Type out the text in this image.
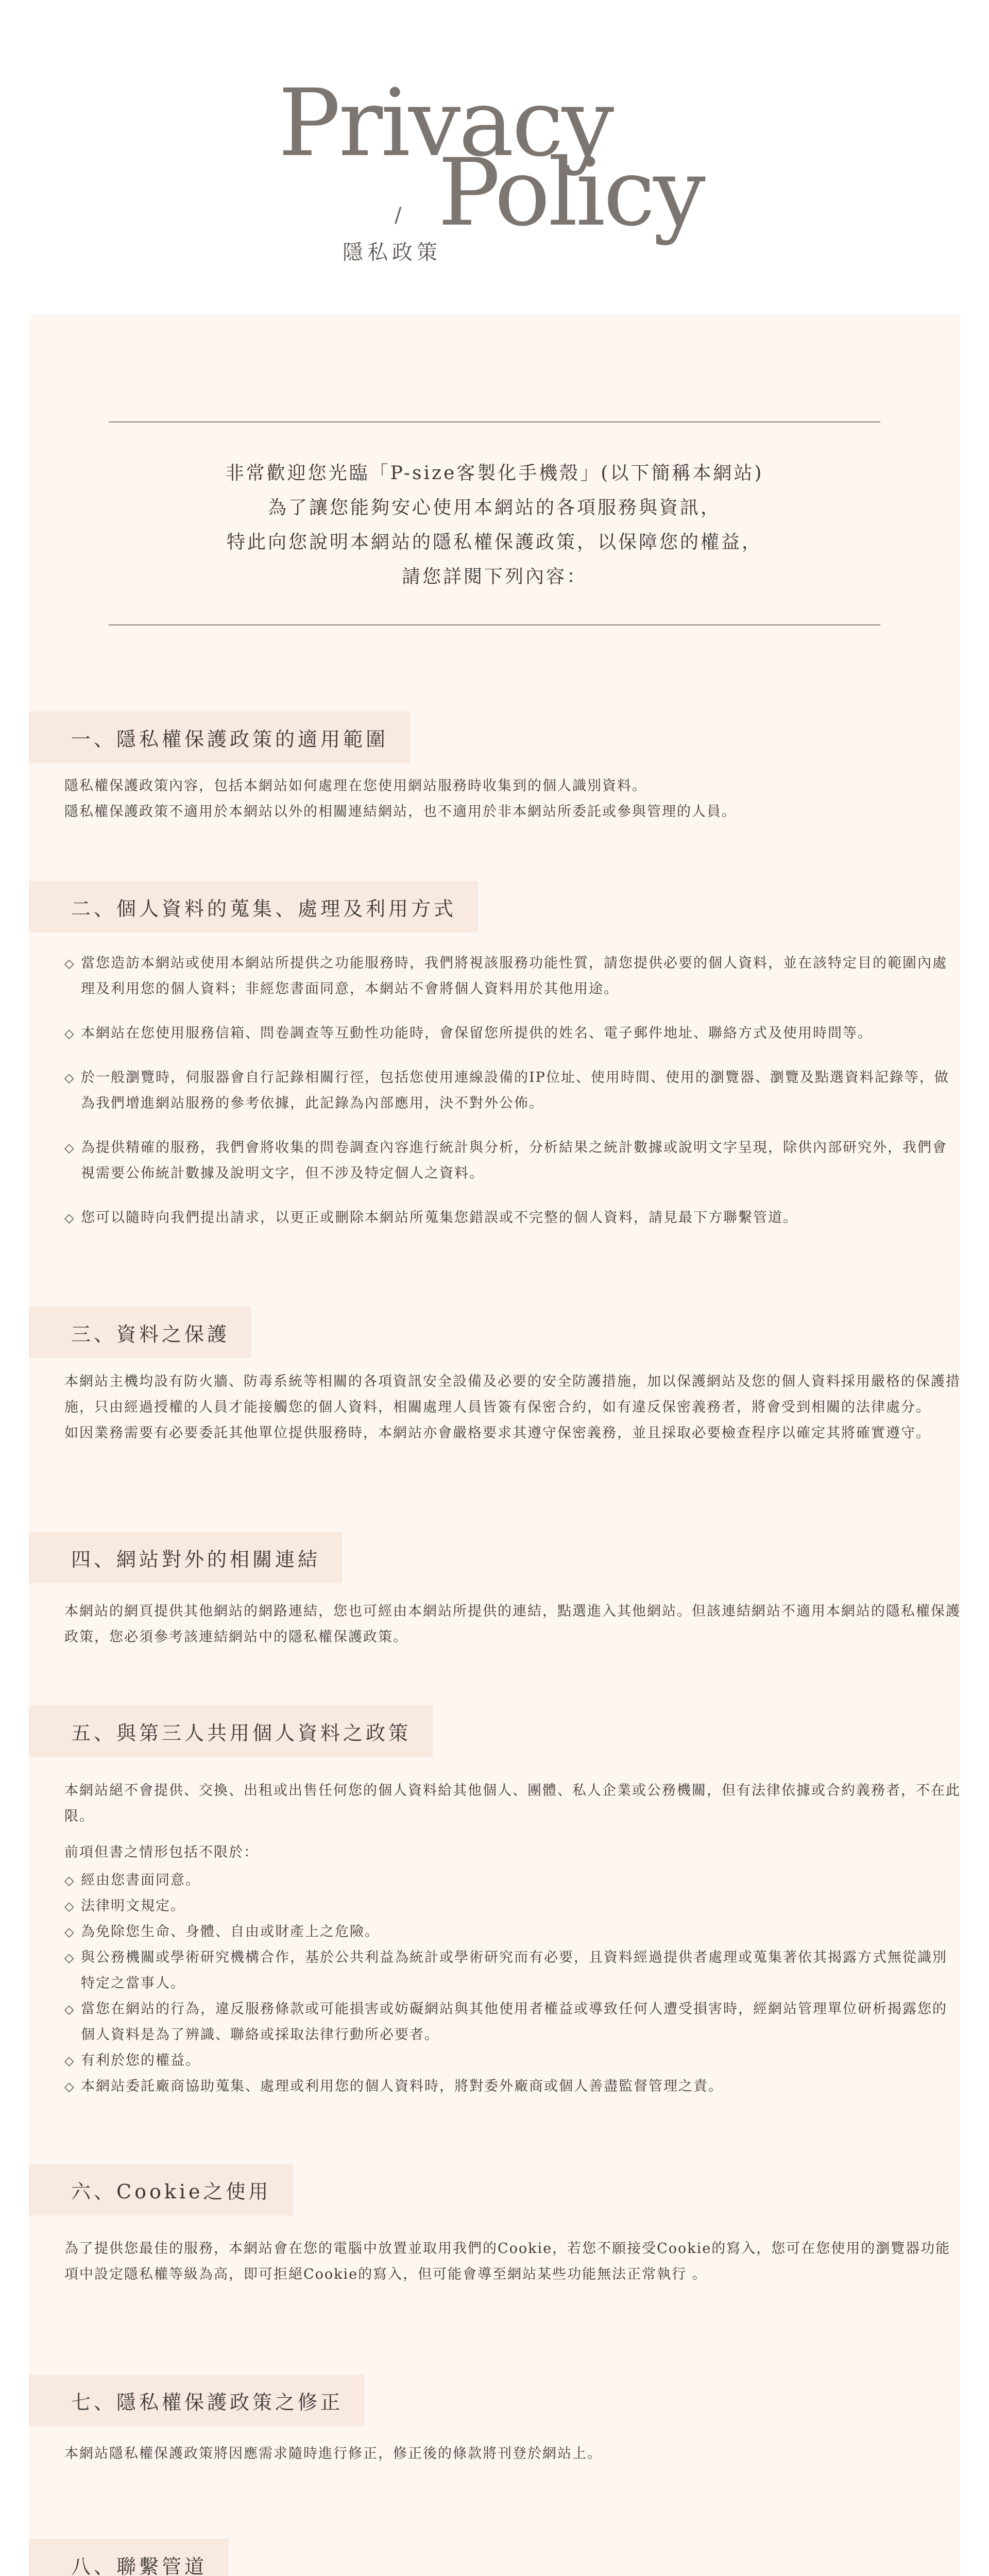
Privacy
Policy
/
隱私政策
非常歡迎您光臨「P-size客製化手機殼」(以下簡稱本網站)
為了讓您能夠安心使用本網站的各項服務與資訊，
特此向您說明本網站的隱私權保護政策，以保障您的權益，
請您詳閱下列內容：
一、隱私權保護政策的適用範圍

隱私權保護政策內容，包括本網站如何處理在您使用網站服務時收集到的個人識別資料。

隱私權保護政策不適用於本網站以外的相關連結網站，也不適用於非本網站所委託或參與管理的人員。

二、個人資料的蒐集、處理及利用方式
◇ 當您造訪本網站或使用本網站所提供之功能服務時，我們將視該服務功能性質，請您提供必要的個人資料，並在該特定目的範圍內處理及利用您的個人資料；非經您書面同意，本網站不會將個人資料用於其他用途。
◇ 本網站在您使用服務信箱、問卷調查等互動性功能時，會保留您所提供的姓名、電子郵件地址、聯絡方式及使用時間等。
◇ 於一般瀏覽時，伺服器會自行記錄相關行徑，包括您使用連線設備的IP位址、使用時間、使用的瀏覽器、瀏覽及點選資料記錄等，做為我們增進網站服務的參考依據，此記錄為內部應用，決不對外公佈。
◇ 為提供精確的服務，我們會將收集的問卷調查內容進行統計與分析，分析結果之統計數據或說明文字呈現，除供內部研究外，我們會視需要公佈統計數據及說明文字，但不涉及特定個人之資料。
◇ 您可以隨時向我們提出請求，以更正或刪除本網站所蒐集您錯誤或不完整的個人資料，請見最下方聯繫管道。
三、資料之保護

本網站主機均設有防火牆、防毒系統等相關的各項資訊安全設備及必要的安全防護措施，加以保護網站及您的個人資料採用嚴格的保護措施，只由經過授權的人員才能接觸您的個人資料，相關處理人員皆簽有保密合約，如有違反保密義務者，將會受到相關的法律處分。

如因業務需要有必要委託其他單位提供服務時，本網站亦會嚴格要求其遵守保密義務，並且採取必要檢查程序以確定其將確實遵守。

四、網站對外的相關連結

本網站的網頁提供其他網站的網路連結，您也可經由本網站所提供的連結，點選進入其他網站。但該連結網站不適用本網站的隱私權保護政策，您必須參考該連結網站中的隱私權保護政策。

五、與第三人共用個人資料之政策

本網站絕不會提供、交換、出租或出售任何您的個人資料給其他個人、團體、私人企業或公務機關，但有法律依據或合約義務者，不在此限。

前項但書之情形包括不限於：

◇ 經由您書面同意。
◇ 法律明文規定。
◇ 為免除您生命、身體、自由或財產上之危險。
◇ 與公務機關或學術研究機構合作，基於公共利益為統計或學術研究而有必要，且資料經過提供者處理或蒐集著依其揭露方式無從識別特定之當事人。
◇ 當您在網站的行為，違反服務條款或可能損害或妨礙網站與其他使用者權益或導致任何人遭受損害時，經網站管理單位研析揭露您的個人資料是為了辨識、聯絡或採取法律行動所必要者。
◇ 有利於您的權益。
◇ 本網站委託廠商協助蒐集、處理或利用您的個人資料時，將對委外廠商或個人善盡監督管理之責。
六、Cookie之使用

為了提供您最佳的服務，本網站會在您的電腦中放置並取用我們的Cookie，若您不願接受Cookie的寫入，您可在您使用的瀏覽器功能項中設定隱私權等級為高，即可拒絕Cookie的寫入，但可能會導至網站某些功能無法正常執行 。

七、隱私權保護政策之修正

本網站隱私權保護政策將因應需求隨時進行修正，修正後的條款將刊登於網站上。

八、聯繫管道
